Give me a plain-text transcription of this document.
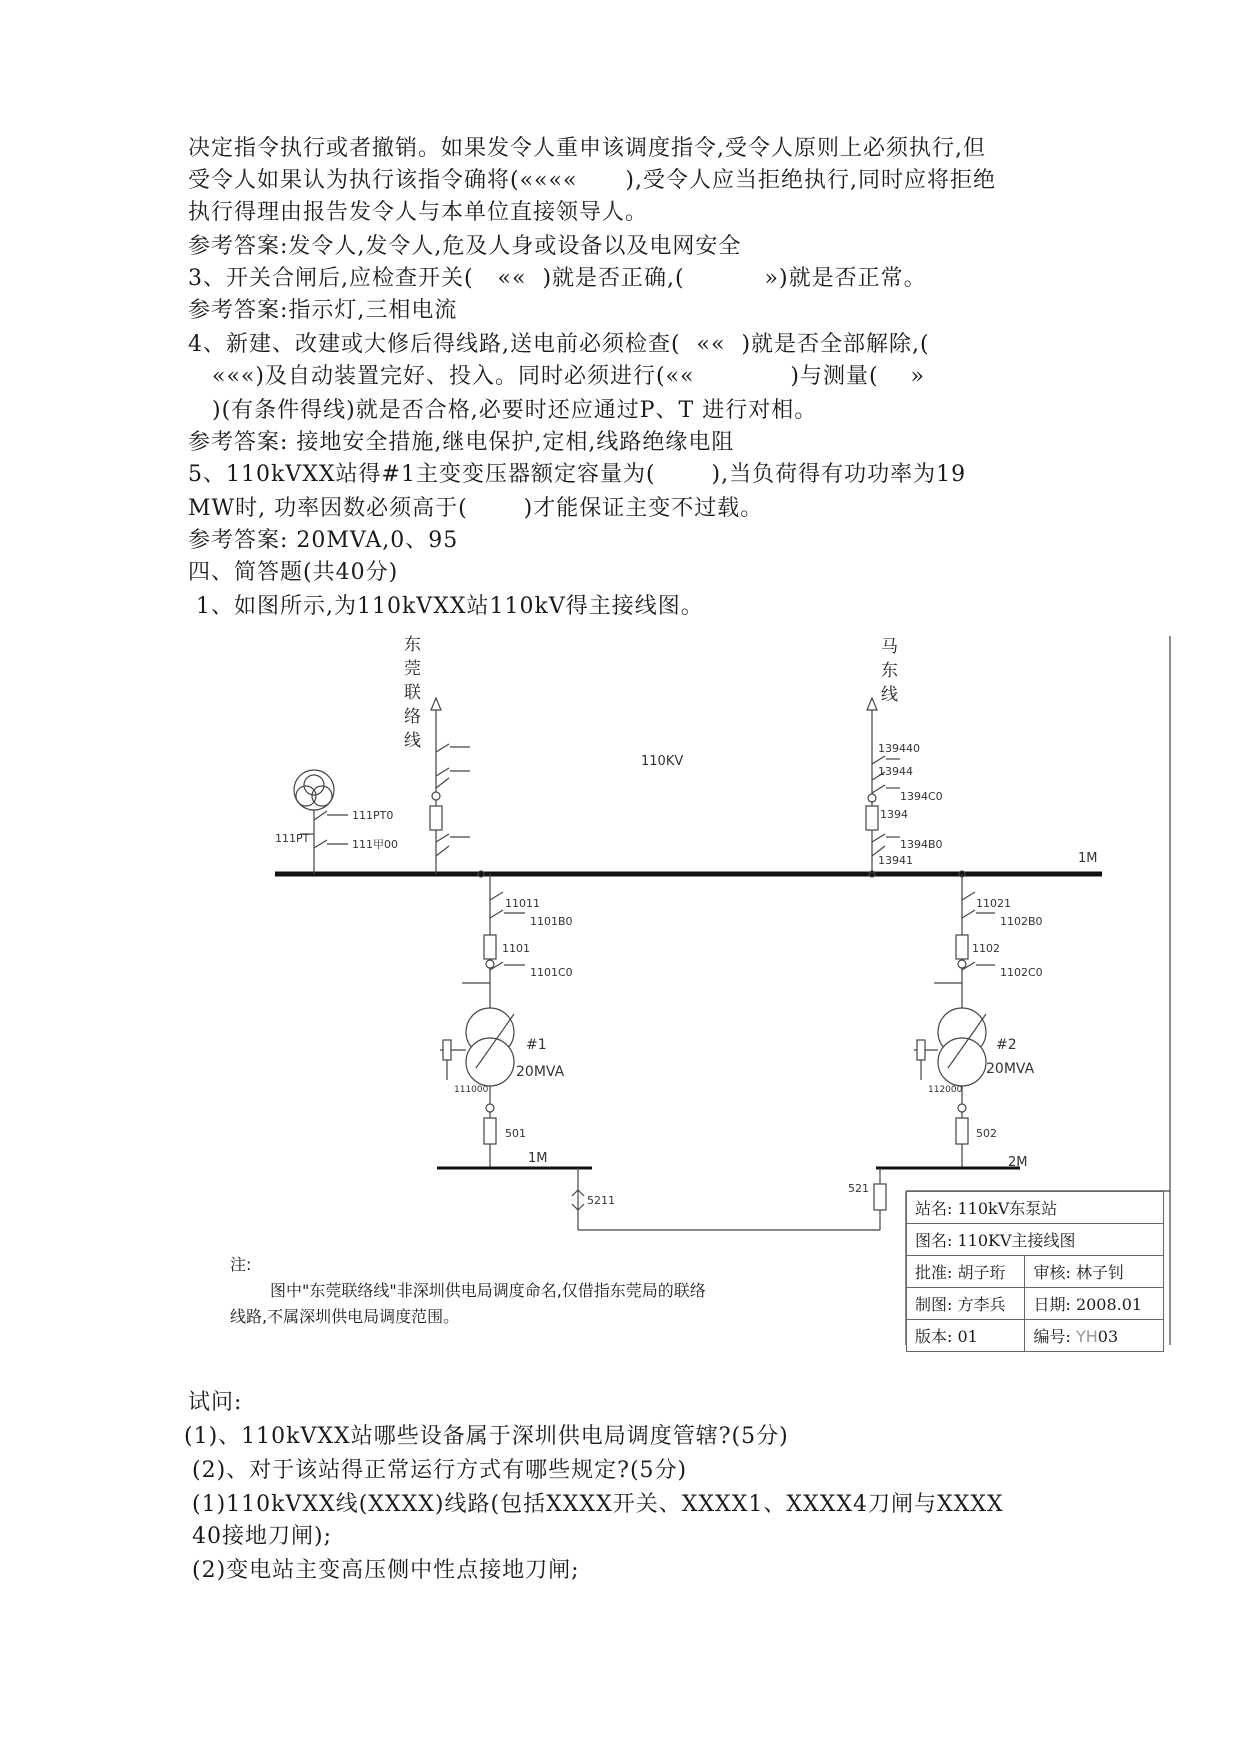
决定指令执行或者撤销。如果发令人重申该调度指令,受令人原则上必须执行,但
受令人如果认为执行该指令确将(««««      ),受令人应当拒绝执行,同时应将拒绝
执行得理由报告发令人与本单位直接领导人。
参考答案:发令人,发令人,危及人身或设备以及电网安全
3、开关合闸后,应检查开关(   ««  )就是否正确,(          »)就是否正常。
参考答案:指示灯,三相电流
4、新建、改建或大修后得线路,送电前必须检查(  ««  )就是否全部解除,(
«««)及自动装置完好、投入。同时必须进行(««            )与测量(    »
)(有条件得线)就是否合格,必要时还应通过P、T 进行对相。
参考答案: 接地安全措施,继电保护,定相,线路绝缘电阻
5、110kVXX站得#1主变变压器额定容量为(       ),当负荷得有功功率为19
MW时, 功率因数必须高于(       )才能保证主变不过载。
参考答案: 20MVA,0、95
四、简答题(共40分)
1、如图所示,为110kVXX站110kV得主接线图。
东莞联络线
马东线
110KV
1M
111PT
111PT0
111甲00
139440
13944
1394C0
1394
1394B0
13941
11011
1101B0
1101
1101C0
111000
501
11021
1102B0
1102
1102C0
112000
502
#1
20MVA
#2
20MVA
1M	2M
5211
521
注:
图中"东莞联络线"非深圳供电局调度命名,仅借指东莞局的联络
线路,不属深圳供电局调度范围。
站名: 110kV东泵站	
图名: 110KV主接线图	
批准: 胡子珩	审核: 林子钊
制图: 方李兵	日期: 2008.01
版本: 01	编号: YH03
试问:
(1)、110kVXX站哪些设备属于深圳供电局调度管辖?(5分)
(2)、对于该站得正常运行方式有哪些规定?(5分)
(1)110kVXX线(XXXX)线路(包括XXXX开关、XXXX1、XXXX4刀闸与XXXX
40接地刀闸);
(2)变电站主变高压侧中性点接地刀闸;
